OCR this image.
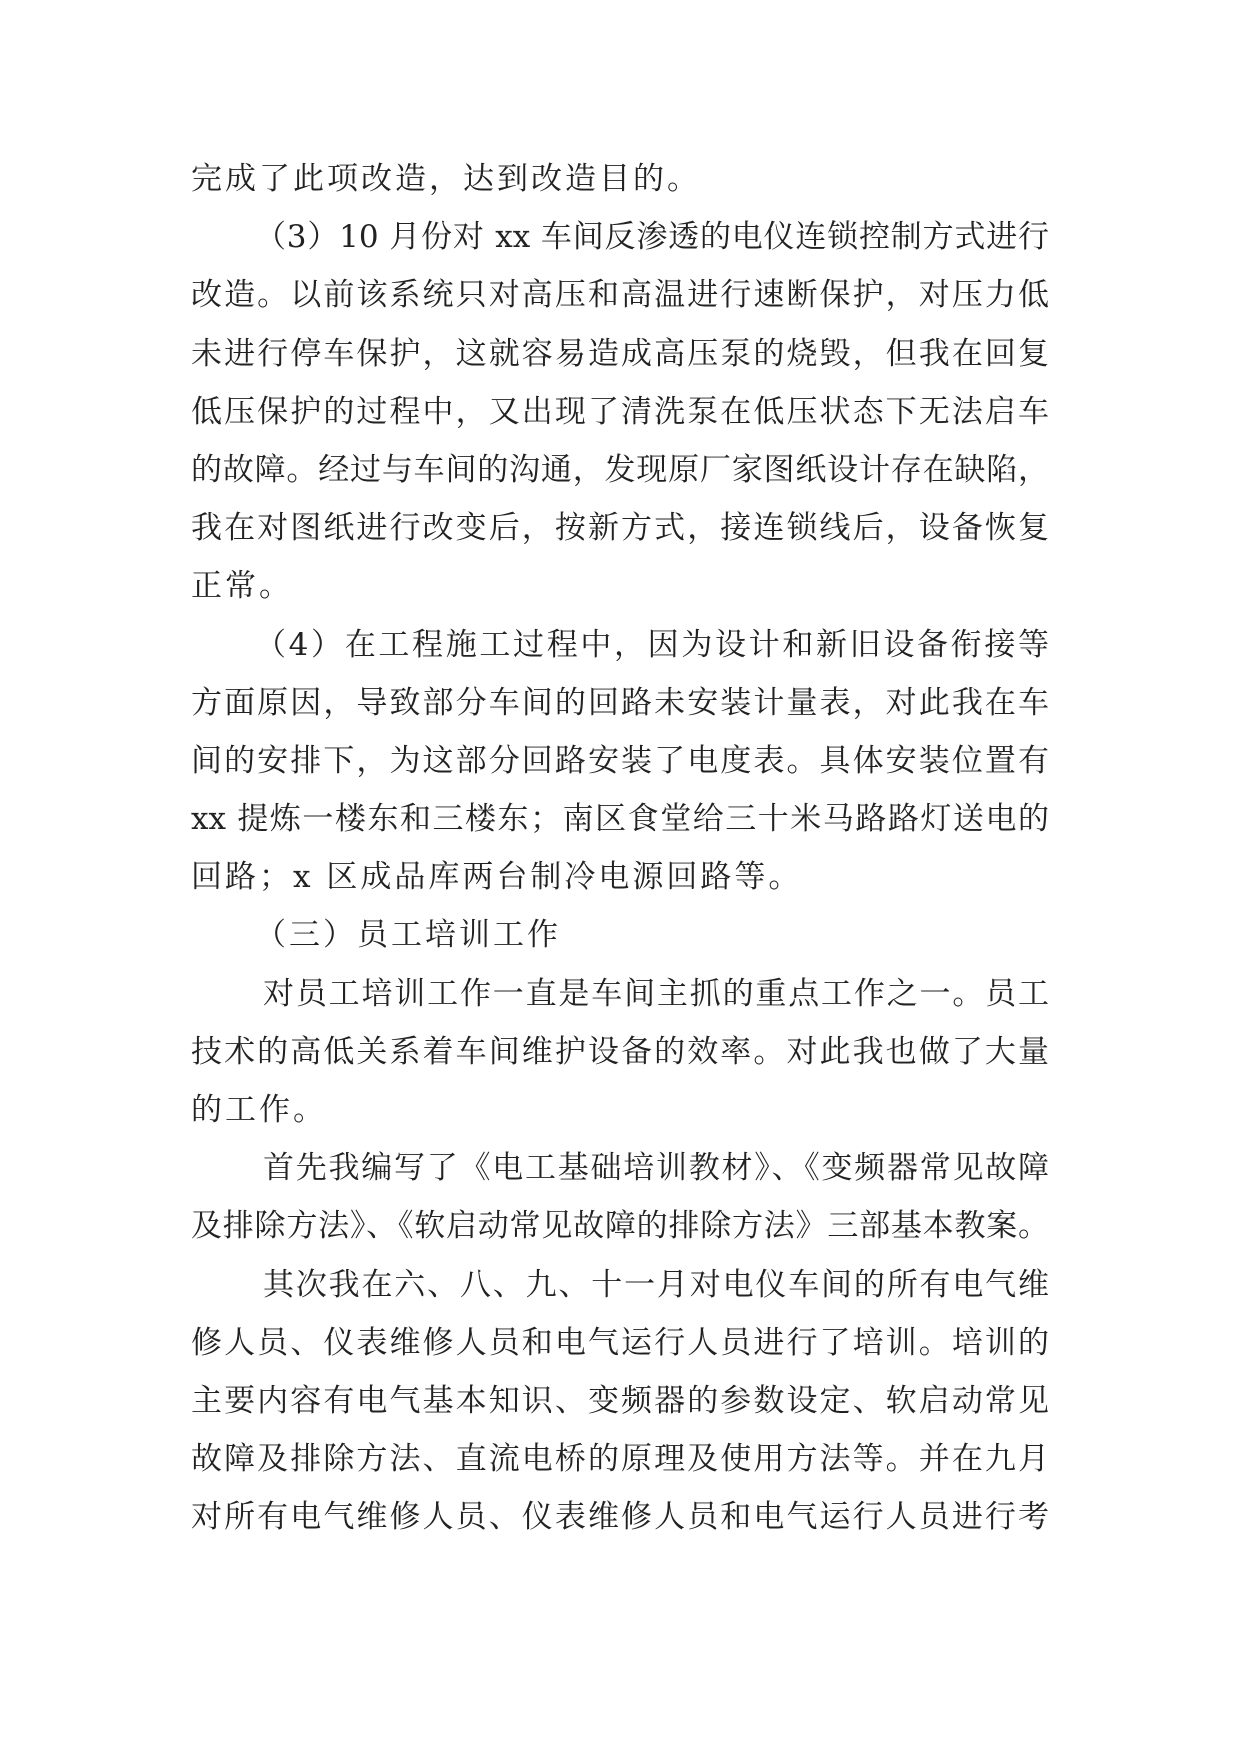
完成了此项改造，达到改造目的。
（3）10 月份对 xx 车间反渗透的电仪连锁控制方式进行
改造。以前该系统只对高压和高温进行速断保护，对压力低
未进行停车保护，这就容易造成高压泵的烧毁，但我在回复
低压保护的过程中，又出现了清洗泵在低压状态下无法启车
的故障。经过与车间的沟通，发现原厂家图纸设计存在缺陷，
我在对图纸进行改变后，按新方式，接连锁线后，设备恢复
正常。
（4）在工程施工过程中，因为设计和新旧设备衔接等
方面原因，导致部分车间的回路未安装计量表，对此我在车
间的安排下，为这部分回路安装了电度表。具体安装位置有
xx 提炼一楼东和三楼东；南区食堂给三十米马路路灯送电的
回路；x 区成品库两台制冷电源回路等。
（三）员工培训工作
对员工培训工作一直是车间主抓的重点工作之一。员工
技术的高低关系着车间维护设备的效率。对此我也做了大量
的工作。
首先我编写了《电工基础培训教材》、《变频器常见故障
及排除方法》、《软启动常见故障的排除方法》三部基本教案。
其次我在六、八、九、十一月对电仪车间的所有电气维
修人员、仪表维修人员和电气运行人员进行了培训。培训的
主要内容有电气基本知识、变频器的参数设定、软启动常见
故障及排除方法、直流电桥的原理及使用方法等。并在九月
对所有电气维修人员、仪表维修人员和电气运行人员进行考
